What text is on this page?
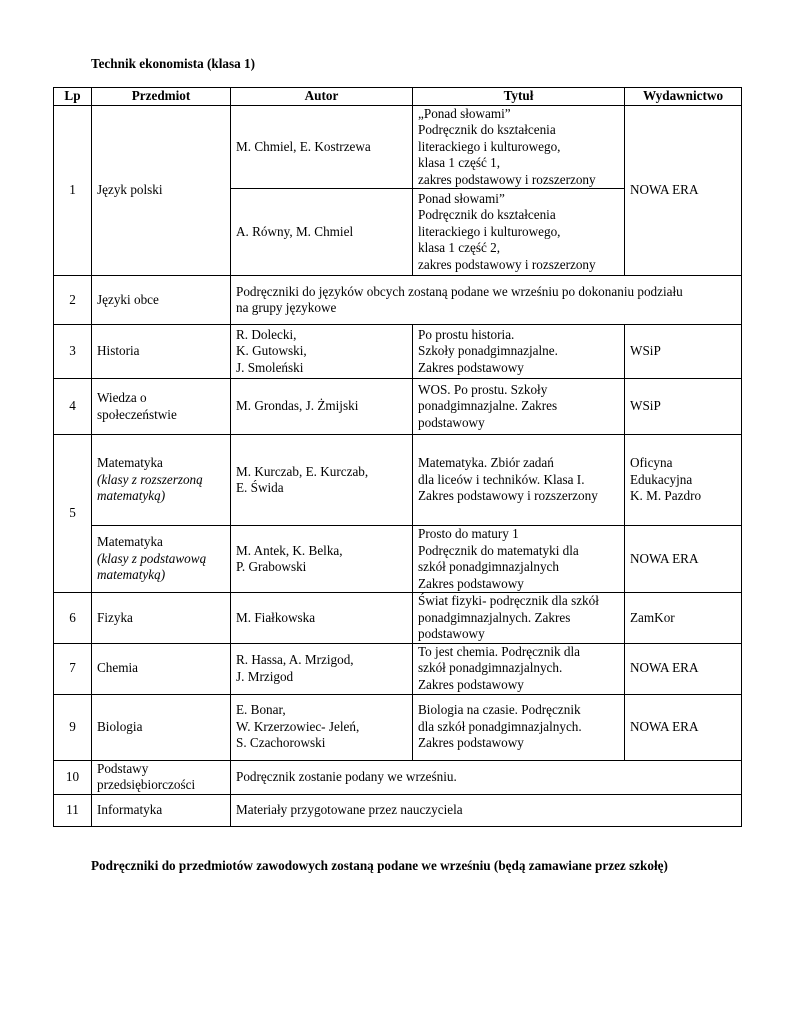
Technik ekonomista (klasa 1)
Lp	Przedmiot	Autor	Tytuł	Wydawnictwo
1	Język polski	M. Chmiel, E. Kostrzewa	„Ponad słowami”
Podręcznik do kształcenia
literackiego i kulturowego,
klasa 1 część 1,
zakres podstawowy i rozszerzony	NOWA ERA
		A. Równy, M. Chmiel	Ponad słowami”
Podręcznik do kształcenia
literackiego i kulturowego,
klasa 1 część 2,
zakres podstawowy i rozszerzony	
2	Języki obce	Podręczniki do języków obcych zostaną podane we wrześniu po dokonaniu podziału
na grupy językowe		
3	Historia	R. Dolecki,
K. Gutowski,
J. Smoleński	Po prostu historia.
Szkoły ponadgimnazjalne.
Zakres podstawowy	WSiP
4	Wiedza o
społeczeństwie	M. Grondas, J. Żmijski	WOS. Po prostu. Szkoły
ponadgimnazjalne. Zakres
podstawowy	WSiP
5	Matematyka
(klasy z rozszerzoną
matematyką)	M. Kurczab, E. Kurczab,
E. Świda	Matematyka. Zbiór zadań
dla liceów i techników. Klasa I.
Zakres podstawowy i rozszerzony	Oficyna
Edukacyjna
K. M. Pazdro
	Matematyka
(klasy z podstawową
matematyką)	M. Antek, K. Belka,
P. Grabowski	Prosto do matury 1
Podręcznik do matematyki dla
szkół ponadgimnazjalnych
Zakres podstawowy	NOWA ERA
6	Fizyka	M. Fiałkowska	Świat fizyki- podręcznik dla szkół
ponadgimnazjalnych. Zakres
podstawowy	ZamKor
7	Chemia	R. Hassa, A. Mrzigod,
J. Mrzigod	To jest chemia. Podręcznik dla
szkół ponadgimnazjalnych.
Zakres podstawowy	NOWA ERA
9	Biologia	E. Bonar,
W. Krzerzowiec- Jeleń,
S. Czachorowski	Biologia na czasie. Podręcznik
dla szkół ponadgimnazjalnych.
Zakres podstawowy	NOWA ERA
10	Podstawy
przedsiębiorczości	Podręcznik zostanie podany we wrześniu.		
11	Informatyka	Materiały przygotowane przez nauczyciela		
Podręczniki do przedmiotów zawodowych zostaną podane we wrześniu (będą zamawiane przez szkołę)
